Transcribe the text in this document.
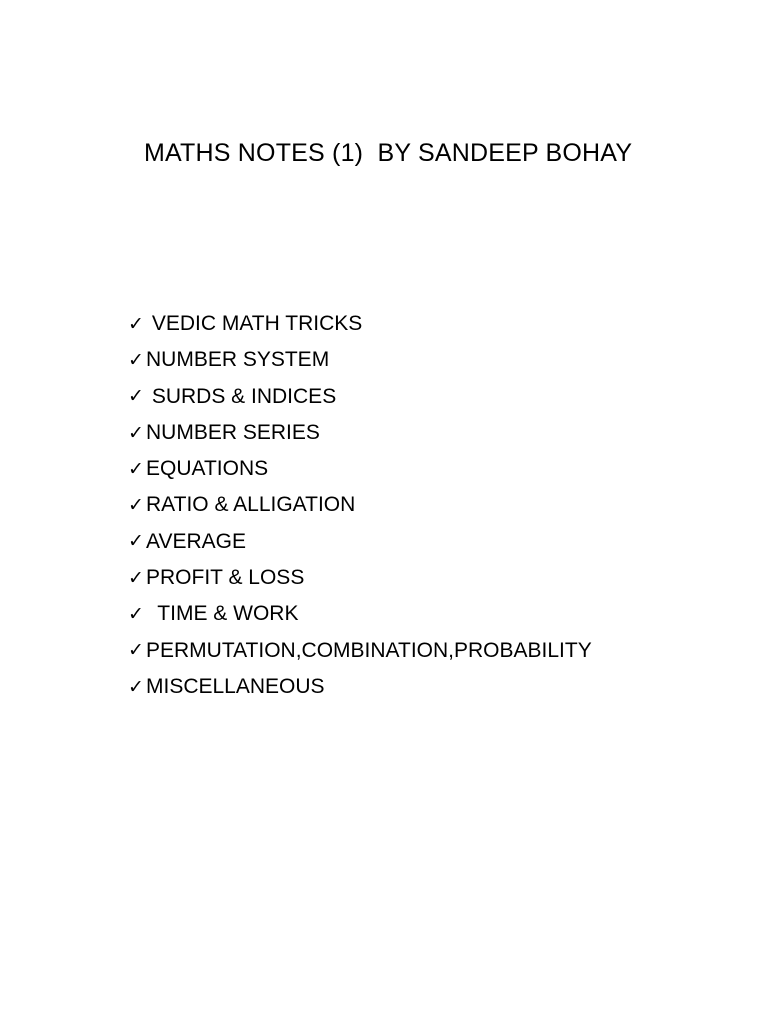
MATHS NOTES (1)  BY SANDEEP BOHAY
✓ VEDIC MATH TRICKS
✓ NUMBER SYSTEM
✓ SURDS & INDICES
✓ NUMBER SERIES
✓ EQUATIONS
✓ RATIO & ALLIGATION
✓ AVERAGE
✓ PROFIT & LOSS
✓ TIME & WORK
✓ PERMUTATION,COMBINATION,PROBABILITY
✓ MISCELLANEOUS
